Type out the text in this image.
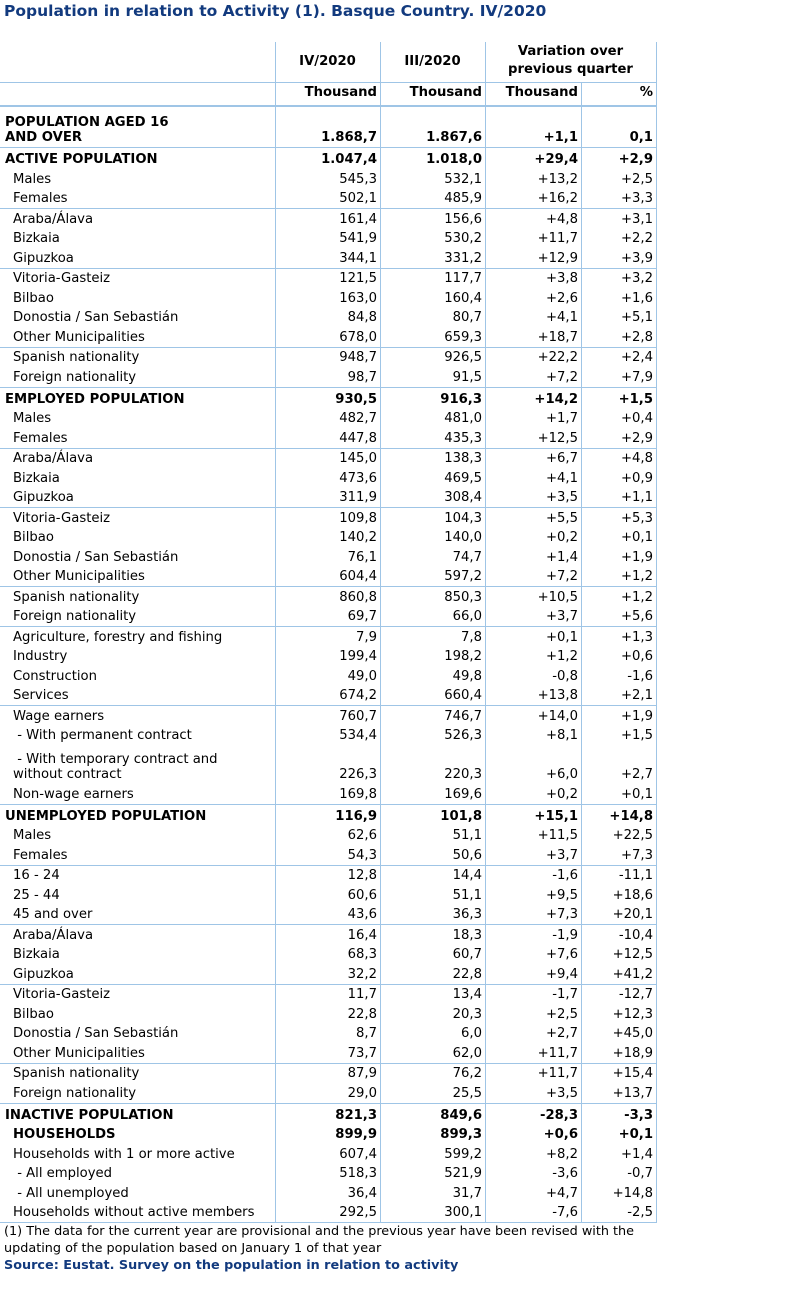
Population in relation to Activity (1). Basque Country. IV/2020
IV/2020	III/2020
Variation over previous quarter
Thousand	Thousand	Thousand	%
POPULATION AGED 16 AND OVER	1.868,7	1.867,6	+1,1	0,1
ACTIVE POPULATION	1.047,4	1.018,0	+29,4	+2,9
Males	545,3	532,1	+13,2	+2,5
Females	502,1	485,9	+16,2	+3,3
Araba/Álava	161,4	156,6	+4,8	+3,1
Bizkaia	541,9	530,2	+11,7	+2,2
Gipuzkoa	344,1	331,2	+12,9	+3,9
Vitoria-Gasteiz	121,5	117,7	+3,8	+3,2
Bilbao	163,0	160,4	+2,6	+1,6
Donostia / San Sebastián	84,8	80,7	+4,1	+5,1
Other Municipalities	678,0	659,3	+18,7	+2,8
Spanish nationality	948,7	926,5	+22,2	+2,4
Foreign nationality	98,7	91,5	+7,2	+7,9
EMPLOYED POPULATION	930,5	916,3	+14,2	+1,5
Males	482,7	481,0	+1,7	+0,4
Females	447,8	435,3	+12,5	+2,9
Araba/Álava	145,0	138,3	+6,7	+4,8
Bizkaia	473,6	469,5	+4,1	+0,9
Gipuzkoa	311,9	308,4	+3,5	+1,1
Vitoria-Gasteiz	109,8	104,3	+5,5	+5,3
Bilbao	140,2	140,0	+0,2	+0,1
Donostia / San Sebastián	76,1	74,7	+1,4	+1,9
Other Municipalities	604,4	597,2	+7,2	+1,2
Spanish nationality	860,8	850,3	+10,5	+1,2
Foreign nationality	69,7	66,0	+3,7	+5,6
Agriculture, forestry and fishing	7,9	7,8	+0,1	+1,3
Industry	199,4	198,2	+1,2	+0,6
Construction	49,0	49,8	-0,8	-1,6
Services	674,2	660,4	+13,8	+2,1
Wage earners	760,7	746,7	+14,0	+1,9
- With permanent contract	534,4	526,3	+8,1	+1,5
- With temporary contract and
without contract	226,3	220,3	+6,0	+2,7
Non-wage earners	169,8	169,6	+0,2	+0,1
UNEMPLOYED POPULATION	116,9	101,8	+15,1	+14,8
Males	62,6	51,1	+11,5	+22,5
Females	54,3	50,6	+3,7	+7,3
16 - 24	12,8	14,4	-1,6	-11,1
25 - 44	60,6	51,1	+9,5	+18,6
45 and over	43,6	36,3	+7,3	+20,1
Araba/Álava	16,4	18,3	-1,9	-10,4
Bizkaia	68,3	60,7	+7,6	+12,5
Gipuzkoa	32,2	22,8	+9,4	+41,2
Vitoria-Gasteiz	11,7	13,4	-1,7	-12,7
Bilbao	22,8	20,3	+2,5	+12,3
Donostia / San Sebastián	8,7	6,0	+2,7	+45,0
Other Municipalities	73,7	62,0	+11,7	+18,9
Spanish nationality	87,9	76,2	+11,7	+15,4
Foreign nationality	29,0	25,5	+3,5	+13,7
INACTIVE POPULATION	821,3	849,6	-28,3	-3,3
HOUSEHOLDS	899,9	899,3	+0,6	+0,1
Households with 1 or more active	607,4	599,2	+8,2	+1,4
- All employed	518,3	521,9	-3,6	-0,7
- All unemployed	36,4	31,7	+4,7	+14,8
Households without active members	292,5	300,1	-7,6	-2,5
(1) The data for the current year are provisional and the previous year have been revised with the updating of the population based on January 1 of that year
Source: Eustat. Survey on the population in relation to activity
